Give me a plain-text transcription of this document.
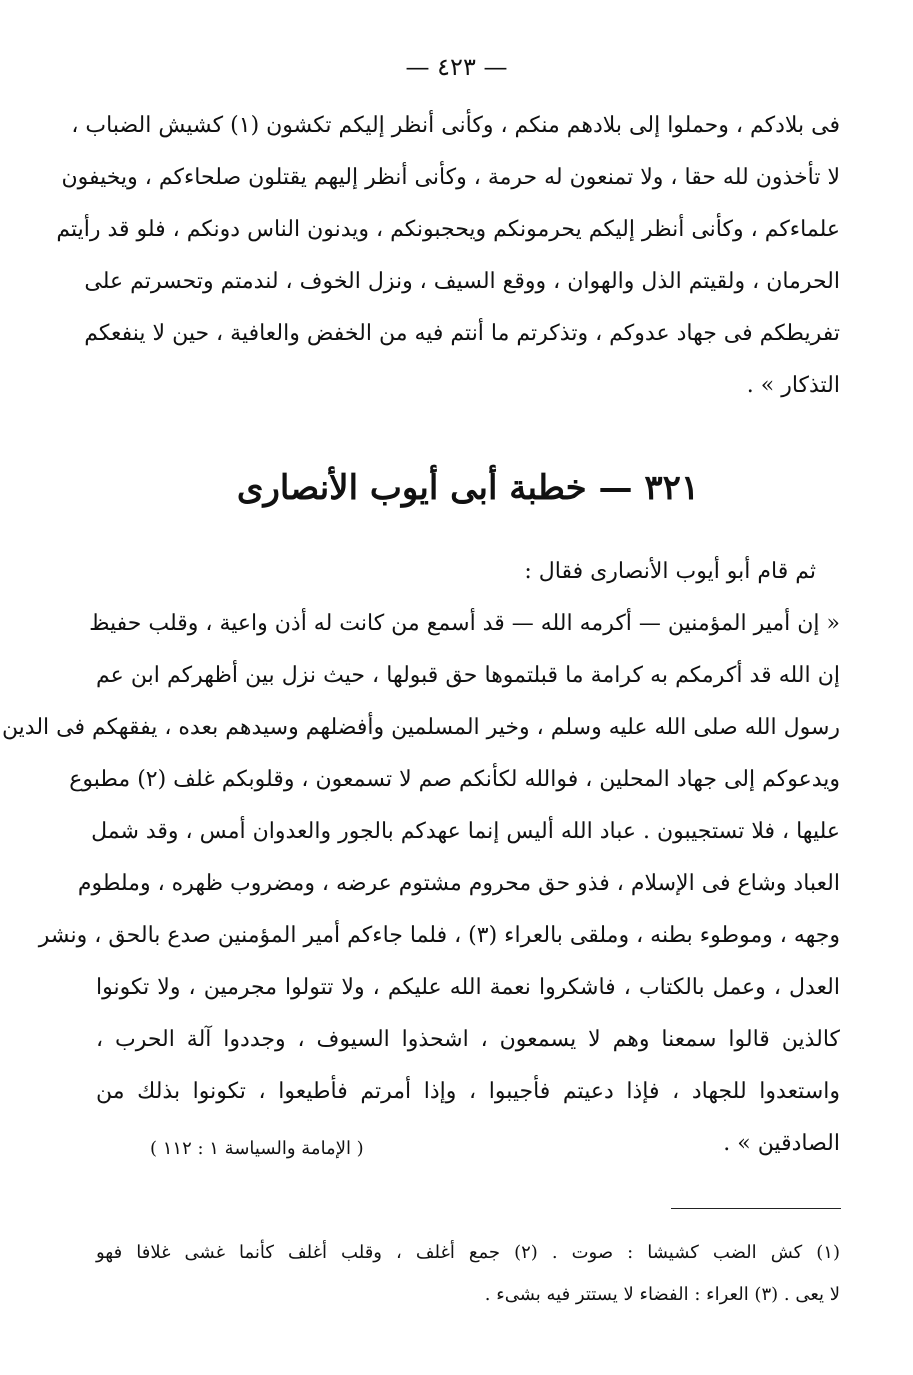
— ٤٢٣ —
فى بلادكم ، وحملوا إلى بلادهم منكم ، وكأنى أنظر إليكم تكشون (١) كشيش الضباب ،
لا تأخذون لله حقا ، ولا تمنعون له حرمة ، وكأنى أنظر إليهم يقتلون صلحاءكم ، ويخيفون
علماءكم ، وكأنى أنظر إليكم يحرمونكم ويحجبونكم ، ويدنون الناس دونكم ، فلو قد رأيتم
الحرمان ، ولقيتم الذل والهوان ، ووقع السيف ، ونزل الخوف ، لندمتم وتحسرتم على
تفريطكم فى جهاد عدوكم ، وتذكرتم ما أنتم فيه من الخفض والعافية ، حين لا ينفعكم
التذكار » .
٣٢١ — خطبة أبى أيوب الأنصارى
ثم قام أبو أيوب الأنصارى فقال :
« إن أمير المؤمنين — أكرمه الله — قد أسمع من كانت له أذن واعية ، وقلب حفيظ
إن الله قد أكرمكم به كرامة ما قبلتموها حق قبولها ، حيث نزل بين أظهركم ابن عم
رسول الله صلى الله عليه وسلم ، وخير المسلمين وأفضلهم وسيدهم بعده ، يفقهكم فى الدين
ويدعوكم إلى جهاد المحلين ، فوالله لكأنكم صم لا تسمعون ، وقلوبكم غلف (٢) مطبوع
عليها ، فلا تستجيبون . عباد الله أليس إنما عهدكم بالجور والعدوان أمس ، وقد شمل
العباد وشاع فى الإسلام ، فذو حق محروم مشتوم عرضه ، ومضروب ظهره ، وملطوم
وجهه ، وموطوء بطنه ، وملقى بالعراء (٣) ، فلما جاءكم أمير المؤمنين صدع بالحق ، ونشر
العدل ، وعمل بالكتاب ، فاشكروا نعمة الله عليكم ، ولا تتولوا مجرمين ، ولا تكونوا
كالذين قالوا سمعنا وهم لا يسمعون ، اشحذوا السيوف ، وجددوا آلة الحرب ،
واستعدوا للجهاد ، فإذا دعيتم فأجيبوا ، وإذا أمرتم فأطيعوا ، تكونوا بذلك من
الصادقين » .
( الإمامة والسياسة ١ : ١١٢ )
(١) كش الضب كشيشا : صوت . (٢) جمع أغلف ، وقلب أغلف كأنما غشى غلافا فهو
لا يعى . (٣) العراء : الفضاء لا يستتر فيه بشىء .
